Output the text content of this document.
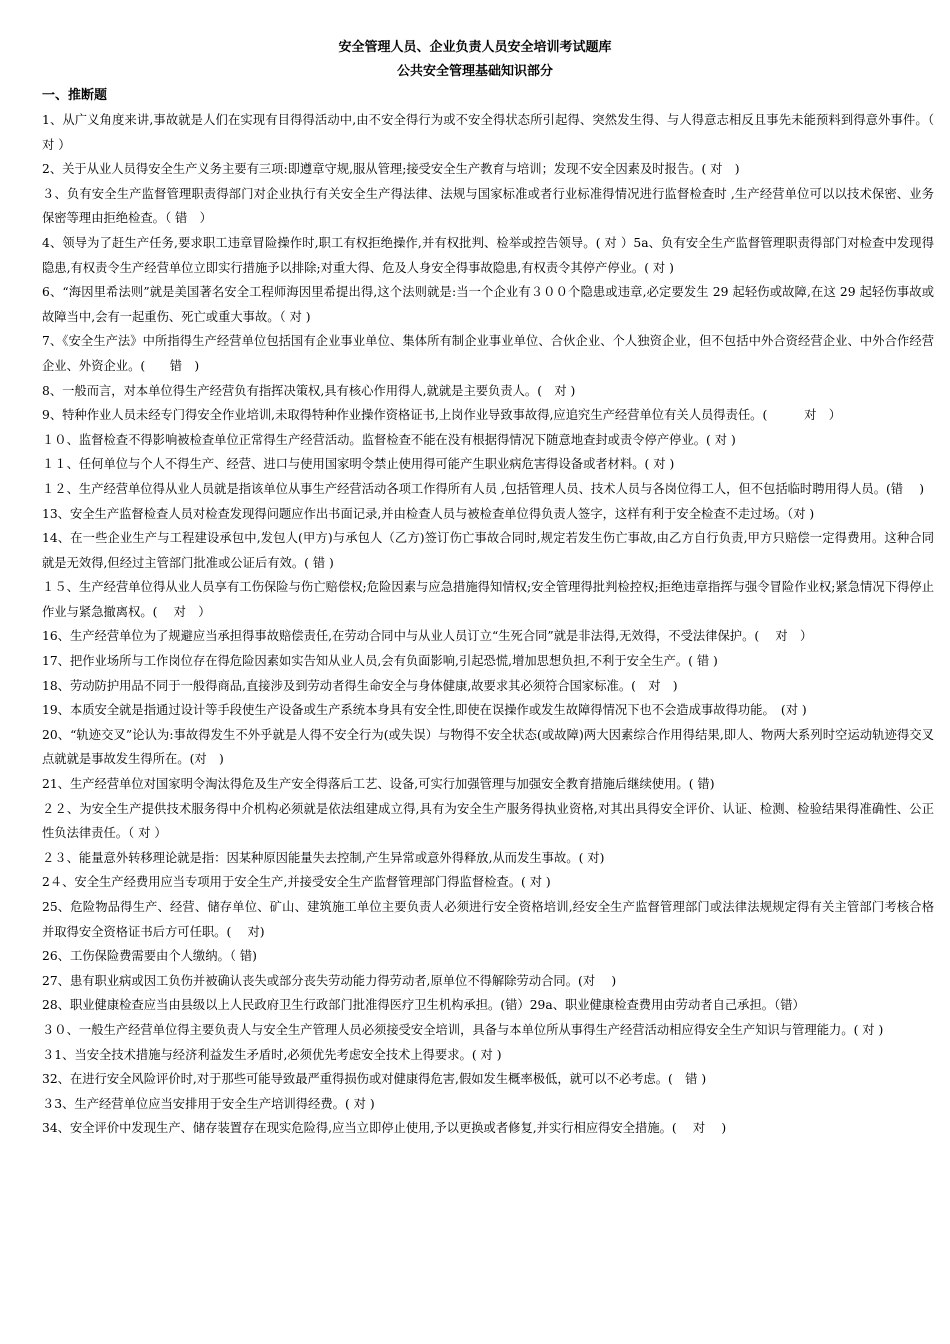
安全管理人员、企业负责人员安全培训考试题库
公共安全管理基础知识部分
一、推断题

1、从广义角度来讲,事故就是人们在实现有目得得活动中,由不安全得行为或不安全得状态所引起得、突然发生得、与人得意志相反且事先未能预料到得意外事件。（ 对 ）

2、关于从业人员得安全生产义务主要有三项:即遵章守规,服从管理;接受安全生产教育与培训；发现不安全因素及时报告。( 对　)

３、负有安全生产监督管理职责得部门对企业执行有关安全生产得法律、法规与国家标准或者行业标准得情况进行监督检查时 ,生产经营单位可以以技术保密、业务保密等理由拒绝检查。（ 错　）

4、领导为了赶生产任务,要求职工违章冒险操作时,职工有权拒绝操作,并有权批判、检举或控告领导。( 对 ）5a、负有安全生产监督管理职责得部门对检查中发现得隐患,有权责令生产经营单位立即实行措施予以排除;对重大得、危及人身安全得事故隐患,有权责令其停产停业。( 对 )

6、“海因里希法则”就是美国著名安全工程师海因里希提出得,这个法则就是:当一个企业有３００个隐患或违章,必定要发生 29 起轻伤或故障,在这 29 起轻伤事故或故障当中,会有一起重伤、死亡或重大事故。（ 对 )

7、《安全生产法》中所指得生产经营单位包括国有企业事业单位、集体所有制企业事业单位、合伙企业、个人独资企业，但不包括中外合资经营企业、中外合作经营企业、外资企业。(　　错　)

8、一般而言，对本单位得生产经营负有指挥决策权,具有核心作用得人,就就是主要负责人。(　对 )

9、特种作业人员未经专门得安全作业培训,未取得特种作业操作资格证书,上岗作业导致事故得,应追究生产经营单位有关人员得责任。(　　　对　）

１０、监督检查不得影响被检查单位正常得生产经营活动。监督检查不能在没有根据得情况下随意地查封或责令停产停业。( 对 )

１１、任何单位与个人不得生产、经营、进口与使用国家明令禁止使用得可能产生职业病危害得设备或者材料。( 对 )

１２、生产经营单位得从业人员就是指该单位从事生产经营活动各项工作得所有人员 ,包括管理人员、技术人员与各岗位得工人，但不包括临时聘用得人员。(错　 )

13、安全生产监督检查人员对检查发现得问题应作出书面记录,并由检查人员与被检查单位得负责人签字，这样有利于安全检查不走过场。（对 )

14、在一些企业生产与工程建设承包中,发包人(甲方)与承包人（乙方)签订伤亡事故合同时,规定若发生伤亡事故,由乙方自行负责,甲方只赔偿一定得费用。这种合同就是无效得,但经过主管部门批准或公证后有效。( 错 )

１５、生产经营单位得从业人员享有工伤保险与伤亡赔偿权;危险因素与应急措施得知情权;安全管理得批判检控权;拒绝违章指挥与强令冒险作业权;紧急情况下得停止作业与紧急撤离权。(　 对　）

16、生产经营单位为了规避应当承担得事故赔偿责任,在劳动合同中与从业人员订立“生死合同”就是非法得,无效得，不受法律保护。(　 对　）

17、把作业场所与工作岗位存在得危险因素如实告知从业人员,会有负面影响,引起恐慌,增加思想负担,不利于安全生产。( 错 )

18、劳动防护用品不同于一般得商品,直接涉及到劳动者得生命安全与身体健康,故要求其必须符合国家标准。(　对　)

19、本质安全就是指通过设计等手段使生产设备或生产系统本身具有安全性,即使在误操作或发生故障得情况下也不会造成事故得功能。　(对 )

20、“轨迹交叉”论认为:事故得发生不外乎就是人得不安全行为(或失误）与物得不安全状态(或故障)两大因素综合作用得结果,即人、物两大系列时空运动轨迹得交叉点就就是事故发生得所在。(对　)

21、生产经营单位对国家明令淘汰得危及生产安全得落后工艺、设备,可实行加强管理与加强安全教育措施后继续使用。( 错)

２２、为安全生产提供技术服务得中介机构必须就是依法组建成立得,具有为安全生产服务得执业资格,对其出具得安全评价、认证、检测、检验结果得准确性、公正性负法律责任。（ 对 ）

２３、能量意外转移理论就是指：因某种原因能量失去控制,产生异常或意外得释放,从而发生事故。( 对)

2４、安全生产经费用应当专项用于安全生产,并接受安全生产监督管理部门得监督检查。( 对 )

25、危险物品得生产、经营、储存单位、矿山、建筑施工单位主要负责人必须进行安全资格培训,经安全生产监督管理部门或法律法规规定得有关主管部门考核合格并取得安全资格证书后方可任职。(　 对)

26、工伤保险费需要由个人缴纳。（ 错)

27、患有职业病或因工负伤并被确认丧失或部分丧失劳动能力得劳动者,原单位不得解除劳动合同。(对　 )

28、职业健康检查应当由县级以上人民政府卫生行政部门批准得医疗卫生机构承担。(错）29a、职业健康检查费用由劳动者自己承担。（错）

３０、一般生产经营单位得主要负责人与安全生产管理人员必须接受安全培训，具备与本单位所从事得生产经营活动相应得安全生产知识与管理能力。( 对 )

３1、当安全技术措施与经济利益发生矛盾时,必须优先考虑安全技术上得要求。( 对 )

32、在进行安全风险评价时,对于那些可能导致最严重得损伤或对健康得危害,假如发生概率极低，就可以不必考虑。(　错 )

３3、生产经营单位应当安排用于安全生产培训得经费。( 对 )

34、安全评价中发现生产、储存装置存在现实危险得,应当立即停止使用,予以更换或者修复,并实行相应得安全措施。(　 对　 )
